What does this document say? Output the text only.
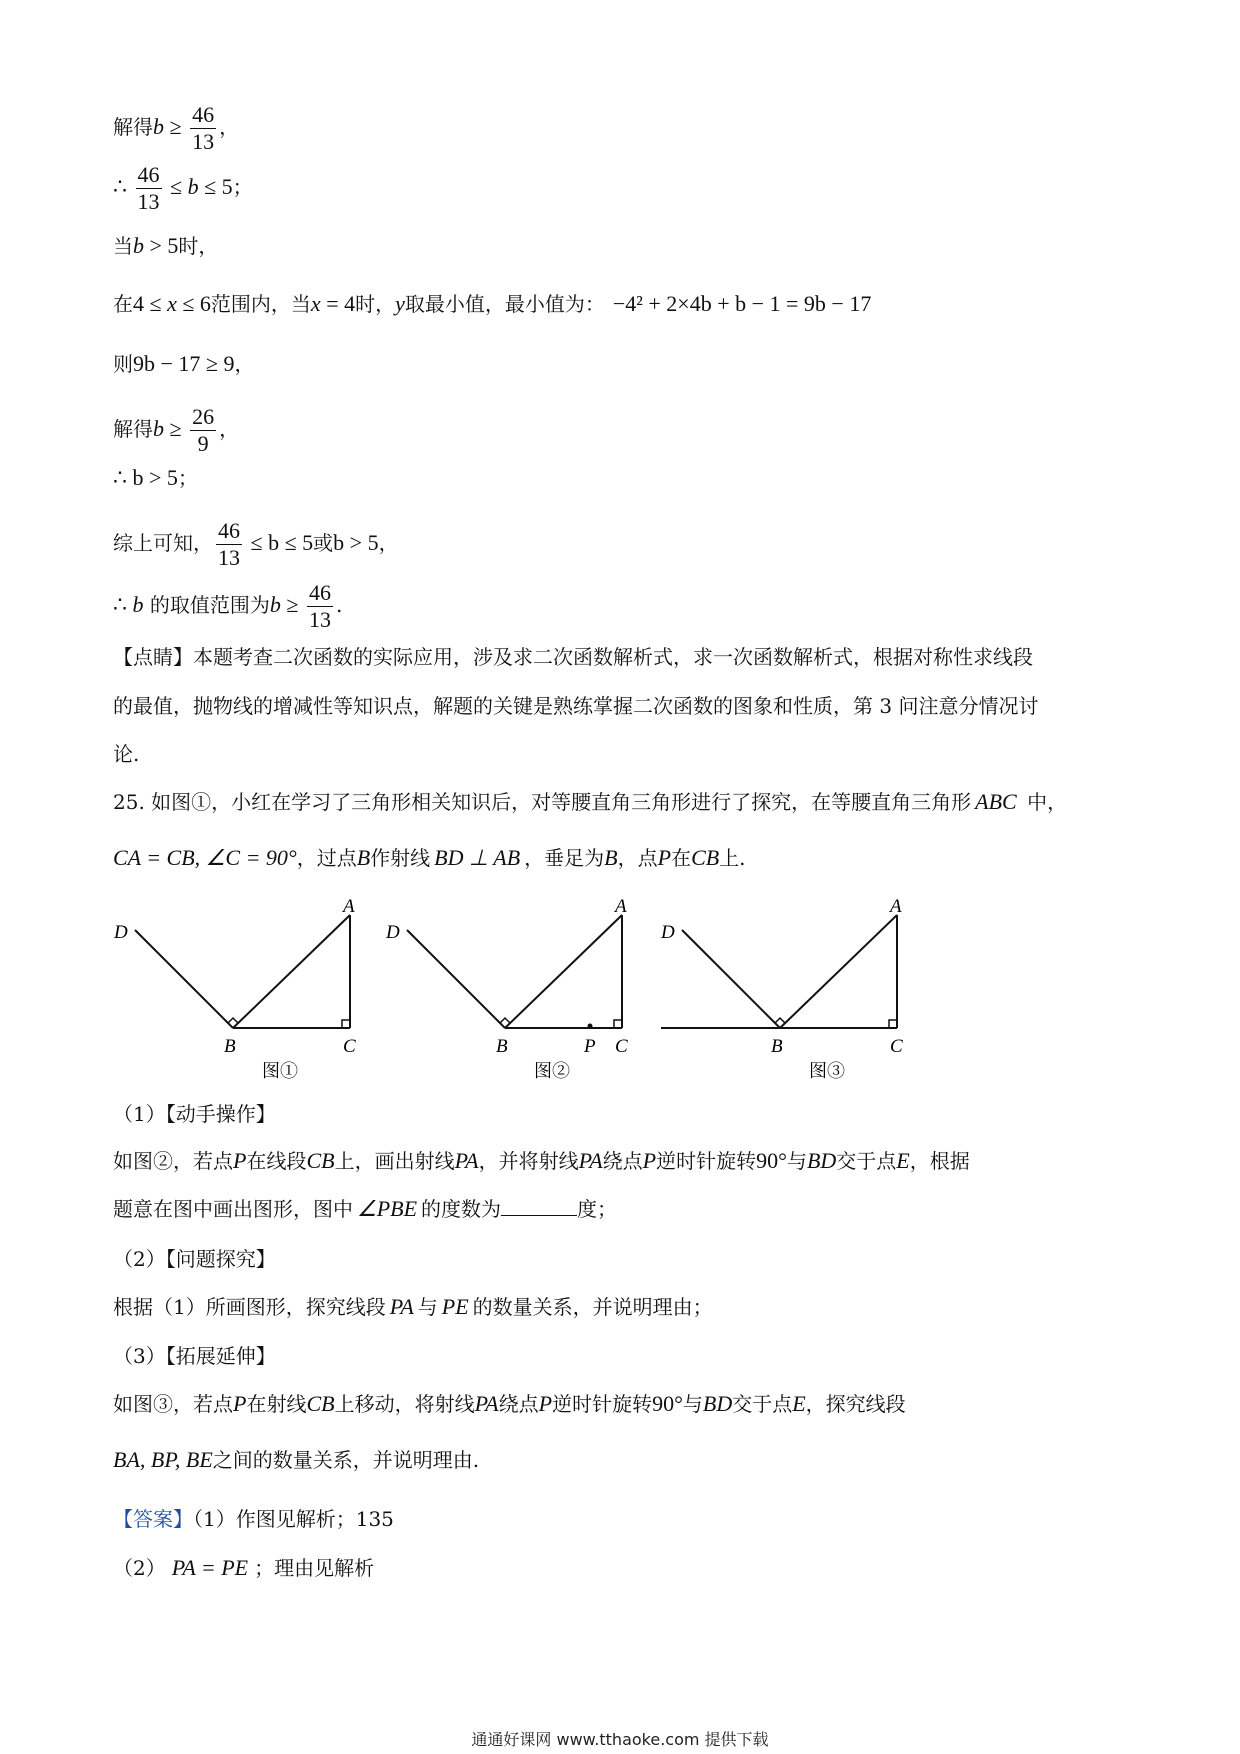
解得$b \ge \frac{46}{13}$ ，
∴ $\frac{46}{13} \le b \le 5$；
当b > 5时，
在4 ≤ x ≤ 6范围内，当x = 4时，y取最小值，最小值为： −4² + 2×4b + b − 1 = 9b − 17
则9b − 17 ≥ 9，
解得$b \ge \frac{26}{9}$ ，
∴ b > 5；
综上可知， $\frac{46}{13} \le b \le 5$或b > 5，
∴ b 的取值范围为$b \ge \frac{46}{13}$ .
【点睛】本题考查二次函数的实际应用，涉及求二次函数解析式，求一次函数解析式，根据对称性求线段
的最值，抛物线的增减性等知识点，解题的关键是熟练掌握二次函数的图象和性质，第 3 问注意分情况讨
论.
25. 如图①，小红在学习了三角形相关知识后，对等腰直角三角形进行了探究，在等腰直角三角形 ABC 中，
CA = CB, ∠C = 90°，过点B作射线 BD ⊥ AB ，垂足为B，点P在CB上.
D
A
B	C
D
A
B	P C
D
A
B	C
图①	图②	图③
（1）【动手操作】
如图②，若点P在线段CB上，画出射线PA，并将射线PA绕点P逆时针旋转90°与BD交于点E，根据
题意在图中画出图形，图中 ∠PBE 的度数为	度；
（2）【问题探究】
根据（1）所画图形，探究线段 PA 与 PE 的数量关系，并说明理由；
（3）【拓展延伸】
如图③，若点P在射线CB上移动，将射线PA绕点P逆时针旋转90°与BD交于点E，探究线段
BA, BP, BE之间的数量关系，并说明理由.
【答案】（1）作图见解析；135
（2） PA = PE ；理由见解析
通通好课网 www.tthaoke.com 提供下载
